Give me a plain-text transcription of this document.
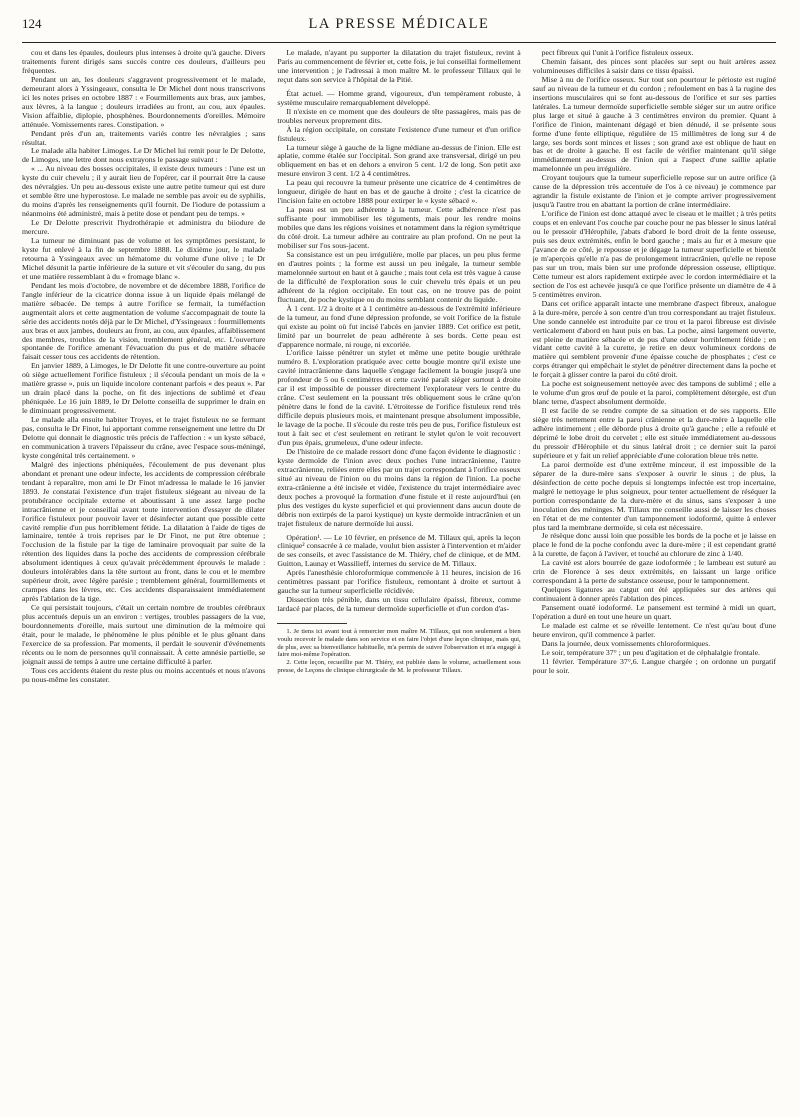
124	LA PRESSE MÉDICALE

cou et dans les épaules, douleurs plus intenses à droite qu'à gauche. Divers traitements furent dirigés sans succès contre ces douleurs, d'ailleurs peu fréquentes.

Pendant un an, les douleurs s'aggravent progressivement et le malade, demeurant alors à Yssingeaux, consulta le Dr Michel dont nous transcrivons ici les notes prises en octobre 1887 : « Fourmillements aux bras, aux jambes, aux lèvres, à la langue ; douleurs irradiées au front, au cou, aux épaules. Vision affaiblie, diplopie, phosphènes. Bourdonnements d'oreilles. Mémoire atténuée. Vomissements rares. Constipation. »

Pendant près d'un an, traitements variés contre les névralgies ; sans résultat.

Le malade alla habiter Limoges. Le Dr Michel lui remit pour le Dr Delotte, de Limoges, une lettre dont nous extrayons le passage suivant :

« ... Au niveau des bosses occipitales, il existe deux tumeurs : l'une est un kyste du cuir chevelu ; il y aurait lieu de l'opérer, car il pourrait être la cause des névralgies. Un peu au-dessous existe une autre petite tumeur qui est dure et semble être une hyperostose. Le malade ne semble pas avoir eu de syphilis, du moins d'après les renseignements qu'il fournit. De l'iodure de potassium a néanmoins été administré, mais à petite dose et pendant peu de temps. »

Le Dr Delotte prescrivit l'hydrothérapie et administra du biiodure de mercure.

La tumeur ne diminuant pas de volume et les symptômes persistant, le kyste fut enlevé à la fin de septembre 1888. Le dixième jour, le malade retourna à Yssingeaux avec un hématome du volume d'une olive ; le Dr Michel désunit la partie inférieure de la suture et vit s'écouler du sang, du pus et une matière ressemblant à du « fromage blanc ».

Pendant les mois d'octobre, de novembre et de décembre 1888, l'orifice de l'angle inférieur de la cicatrice donna issue à un liquide épais mélangé de matière sébacée. De temps à autre l'orifice se fermait, la tuméfaction augmentait alors et cette augmentation de volume s'accompagnait de toute la série des accidents notés déjà par le Dr Michel, d'Yssingeaux : fourmillements aux bras et aux jambes, douleurs au front, au cou, aux épaules, affaiblissement des membres, troubles de la vision, tremblement général, etc. L'ouverture spontanée de l'orifice amenant l'évacuation du pus et de matière sébacée faisait cesser tous ces accidents de rétention.

En janvier 1889, à Limoges, le Dr Delotte fit une contre-ouverture au point où siège actuellement l'orifice fistuleux ; il s'écoula pendant un mois de la « matière grasse », puis un liquide incolore contenant parfois « des peaux ». Par un drain placé dans la poche, on fit des injections de sublimé et d'eau phéniquée. Le 16 juin 1889, le Dr Delotte conseilla de supprimer le drain en le diminuant progressivement.

Le malade alla ensuite habiter Troyes, et le trajet fistuleux ne se fermant pas, consulta le Dr Finot, lui apportant comme renseignement une lettre du Dr Delotte qui donnait le diagnostic très précis de l'affection : « un kyste sébacé, en communication à travers l'épaisseur du crâne, avec l'espace sous-méningé, kyste congénital très certainement. »

Malgré des injections phéniquées, l'écoulement de pus devenant plus abondant et prenant une odeur infecte, les accidents de compression cérébrale tendant à reparaître, mon ami le Dr Finot m'adressa le malade le 16 janvier 1893. Je constatai l'existence d'un trajet fistuleux siégeant au niveau de la protubérance occipitale externe et aboutissant à une assez large poche intracrânienne et je conseillai avant toute intervention d'essayer de dilater l'orifice fistuleux pour pouvoir laver et désinfecter autant que possible cette cavité remplie d'un pus horriblement fétide. La dilatation à l'aide de tiges de laminaire, tentée à trois reprises par le Dr Finot, ne put être obtenue ; l'occlusion de la fistule par la tige de laminaire provoquait par suite de la rétention des liquides dans la poche des accidents de compression cérébrale absolument identiques à ceux qu'avait précédemment éprouvés le malade : douleurs intolérables dans la tête surtout au front, dans le cou et le membre supérieur droit, avec légère parésie ; tremblement général, fourmillements et crampes dans les lèvres, etc. Ces accidents disparaissaient immédiatement après l'ablation de la tige.

Ce qui persistait toujours, c'était un certain nombre de troubles cérébraux plus accentués depuis un an environ : vertiges, troubles passagers de la vue, bourdonnements d'oreille, mais surtout une diminution de la mémoire qui était, pour le malade, le phénomène le plus pénible et le plus gênant dans l'exercice de sa profession. Par moments, il perdait le souvenir d'événements récents ou le nom de personnes qu'il connaissait. À cette amnésie partielle, se joignait aussi de temps à autre une certaine difficulté à parler.

Tous ces accidents étaient du reste plus ou moins accentués et nous n'avons pu nous-même les constater.

Le malade, n'ayant pu supporter la dilatation du trajet fistuleux, revint à Paris au commencement de février et, cette fois, je lui conseillai formellement une intervention ; je l'adressai à mon maître M. le professeur Tillaux qui le reçut dans son service à l'hôpital de la Pitié.

État actuel. — Homme grand, vigoureux, d'un tempérament robuste, à système musculaire remarquablement développé.

Il n'existe en ce moment que des douleurs de tête passagères, mais pas de troubles nerveux proprement dits.

À la région occipitale, on constate l'existence d'une tumeur et d'un orifice fistuleux.

La tumeur siège à gauche de la ligne médiane au-dessus de l'inion. Elle est aplatie, comme étalée sur l'occipital. Son grand axe transversal, dirigé un peu obliquement en bas et en dehors a environ 5 cent. 1/2 de long. Son petit axe mesure environ 3 cent. 1/2 à 4 centimètres.

La peau qui recouvre la tumeur présente une cicatrice de 4 centimètres de longueur, dirigée de haut en bas et de gauche à droite ; c'est la cicatrice de l'incision faite en octobre 1888 pour extirper le « kyste sébacé ».

La peau est un peu adhérente à la tumeur. Cette adhérence n'est pas suffisante pour immobiliser les téguments, mais pour les rendre moins mobiles que dans les régions voisines et notamment dans la région symétrique du côté droit. La tumeur adhère au contraire au plan profond. On ne peut la mobiliser sur l'os sous-jacent.

Sa consistance est un peu irrégulière, molle par places, un peu plus ferme en d'autres points ; la forme est aussi un peu inégale, la tumeur semble mamelonnée surtout en haut et à gauche ; mais tout cela est très vague à cause de la difficulté de l'exploration sous le cuir chevelu très épais et un peu adhérent de la région occipitale. En tout cas, on ne trouve pas de point fluctuant, de poche kystique ou du moins semblant contenir du liquide.

À 1 cent. 1/2 à droite et à 1 centimètre au-dessous de l'extrémité inférieure de la tumeur, au fond d'une dépression profonde, se voit l'orifice de la fistule qui existe au point où fut incisé l'abcès en janvier 1889. Cet orifice est petit, limité par un bourrelet de peau adhérente à ses bords. Cette peau est d'apparence normale, ni rouge, ni excoriée.

L'orifice laisse pénétrer un stylet et même une petite bougie uréthrale numéro 8. L'exploration pratiquée avec cette bougie montre qu'il existe une cavité intracrânienne dans laquelle s'engage facilement la bougie jusqu'à une profondeur de 5 ou 6 centimètres et cette cavité paraît siéger surtout à droite car il est impossible de pousser directement l'explorateur vers le centre du crâne. C'est seulement en la poussant très obliquement sous le crâne qu'on pénètre dans le fond de la cavité. L'étroitesse de l'orifice fistuleux rend très difficile depuis plusieurs mois, et maintenant presque absolument impossible, le lavage de la poche. Il s'écoule du reste très peu de pus, l'orifice fistuleux est tout à fait sec et c'est seulement en retirant le stylet qu'on le voit recouvert d'un pus épais, grumeleux, d'une odeur infecte.

De l'histoire de ce malade ressort donc d'une façon évidente le diagnostic : kyste dermoïde de l'inion avec deux poches l'une intracrânienne, l'autre extracrânienne, reliées entre elles par un trajet correspondant à l'orifice osseux situé au niveau de l'inion ou du moins dans la région de l'inion. La poche extra-crânienne a été incisée et vidée, l'existence du trajet intermédiaire avec deux poches a provoqué la formation d'une fistule et il reste aujourd'hui (en plus des vestiges du kyste superficiel et qui proviennent dans aucun doute de débris non extirpés de la paroi kystique) un kyste dermoïde intracrânien et un trajet fistuleux de nature dermoïde lui aussi.

Opération¹. — Le 10 février, en présence de M. Tillaux qui, après la leçon clinique² consacrée à ce malade, voulut bien assister à l'intervention et m'aider de ses conseils, et avec l'assistance de M. Thiéry, chef de clinique, et de MM. Guitton, Launay et Wassilieff, internes du service de M. Tillaux.

Après l'anesthésie chloroformique commencée à 11 heures, incision de 16 centimètres passant par l'orifice fistuleux, remontant à droite et surtout à gauche sur la tumeur superficielle récidivée.

Dissection très pénible, dans un tissu cellulaire épaissi, fibreux, comme lardacé par places, de la tumeur dermoïde superficielle et d'un cordon d'as-

1. Je tiens ici avant tout à remercier mon maître M. Tillaux, qui non seulement a bien voulu recevoir le malade dans son service et en faire l'objet d'une leçon clinique, mais qui, de plus, avec sa bienveillance habituelle, m'a permis de suivre l'observation et m'a engagé à faire moi-même l'opération.

2. Cette leçon, recueillie par M. Thiéry, est publiée dans le volume, actuellement sous presse, de Leçons de clinique chirurgicale de M. le professeur Tillaux.

pect fibreux qui l'unit à l'orifice fistuleux osseux.

Chemin faisant, des pinces sont placées sur sept ou huit artères assez volumineuses difficiles à saisir dans ce tissu épaissi.

Mise à nu de l'orifice osseux. Sur tout son pourtour le périoste est rugíné sauf au niveau de la tumeur et du cordon ; refoulement en bas à la rugine des insertions musculaires qui se font au-dessous de l'orifice et sur ses parties latérales. La tumeur dermoïde superficielle semble siéger sur un autre orifice plus large et situé à gauche à 3 centimètres environ du premier. Quant à l'orifice de l'inion, maintenant dégagé et bien dénudé, il se présente sous forme d'une fente elliptique, régulière de 15 millimètres de long sur 4 de large, ses bords sont minces et lisses ; son grand axe est oblique de haut en bas et de droite à gauche. Il est facile de vérifier maintenant qu'il siège immédiatement au-dessus de l'inion qui a l'aspect d'une saillie aplatie mamelonnée un peu irrégulière.

Croyant toujours que la tumeur superficielle repose sur un autre orifice (à cause de la dépression très accentuée de l'os à ce niveau) je commence par agrandir la fistule existante de l'inion et je compte arriver progressivement jusqu'à l'autre trou en abattant la portion de crâne intermédiaire.

L'orifice de l'inion est donc attaqué avec le ciseau et le maillet ; à très petits coups et en enlevant l'os couche par couche pour ne pas blesser le sinus latéral ou le pressoir d'Hérophile, j'abats d'abord le bord droit de la fente osseuse, puis ses deux extrémités, enfin le bord gauche ; mais au fur et à mesure que j'avance de ce côté, je repousse et je dégage la tumeur superficielle et bientôt je m'aperçois qu'elle n'a pas de prolongement intracrânien, qu'elle ne repose pas sur un trou, mais bien sur une profonde dépression osseuse, elliptique. Cette tumeur est alors rapidement extirpée avec le cordon intermédiaire et la section de l'os est achevée jusqu'à ce que l'orifice présente un diamètre de 4 à 5 centimètres environ.

Dans cet orifice apparaît intacte une membrane d'aspect fibreux, analogue à la dure-mère, percée à son centre d'un trou correspondant au trajet fistuleux. Une sonde cannelée est introduite par ce trou et la paroi fibreuse est divisée verticalement d'abord en haut puis en bas. La poche, ainsi largement ouverte, est pleine de matière sébacée et de pus d'une odeur horriblement fétide ; en vidant cette cavité à la curette, je retire en deux volumineux cordons de matière qui semblent provenir d'une épaisse couche de phosphates ; c'est ce corps étranger qui empêchait le stylet de pénétrer directement dans la poche et le forçait à glisser contre la paroi du côté droit.

La poche est soigneusement nettoyée avec des tampons de sublimé ; elle a le volume d'un gros œuf de poule et la paroi, complètement détergée, est d'un blanc terne, d'aspect absolument dermoïde.

Il est facile de se rendre compte de sa situation et de ses rapports. Elle siège très nettement entre la paroi crânienne et la dure-mère à laquelle elle adhère intimement ; elle déborde plus à droite qu'à gauche ; elle a refoulé et déprimé le lobe droit du cervelet ; elle est située immédiatement au-dessous du pressoir d'Hérophile et du sinus latéral droit ; ce dernier suit la paroi supérieure et y fait un relief appréciable d'une coloration bleue très nette.

La paroi dermoïde est d'une extrême minceur, il est impossible de la séparer de la dure-mère sans s'exposer à ouvrir le sinus ; de plus, la désinfection de cette poche depuis si longtemps infectée est trop incertaine, malgré le nettoyage le plus soigneux, pour tenter actuellement de réséquer la portion correspondante de la dure-mère et du sinus, sans s'exposer à une inoculation des méninges. M. Tillaux me conseille aussi de laisser les choses en l'état et de me contenter d'un tamponnement iodoformé, quitte à enlever plus tard la membrane dermoïde, si cela est nécessaire.

Je résèque donc aussi loin que possible les bords de la poche et je laisse en place le fond de la poche confondu avec la dure-mère ; il est cependant gratté à la curette, de façon à l'aviver, et touché au chlorure de zinc à 1/40.

La cavité est alors bourrée de gaze iodoformée ; le lambeau est suturé au crin de Florence à ses deux extrémités, en laissant un large orifice correspondant à la perte de substance osseuse, pour le tamponnement.

Quelques ligatures au catgut ont été appliquées sur des artères qui continuaient à donner après l'ablation des pinces.

Pansement ouaté iodoformé. Le pansement est terminé à midi un quart, l'opération a duré en tout une heure un quart.

Le malade est calme et se réveille lentement. Ce n'est qu'au bout d'une heure environ, qu'il commence à parler.

Dans la journée, deux vomissements chloroformiques.

Le soir, température 37° ; un peu d'agitation et de céphalalgie frontale.

11 février. Température 37°,6. Langue chargée ; on ordonne un purgatif pour le soir.
